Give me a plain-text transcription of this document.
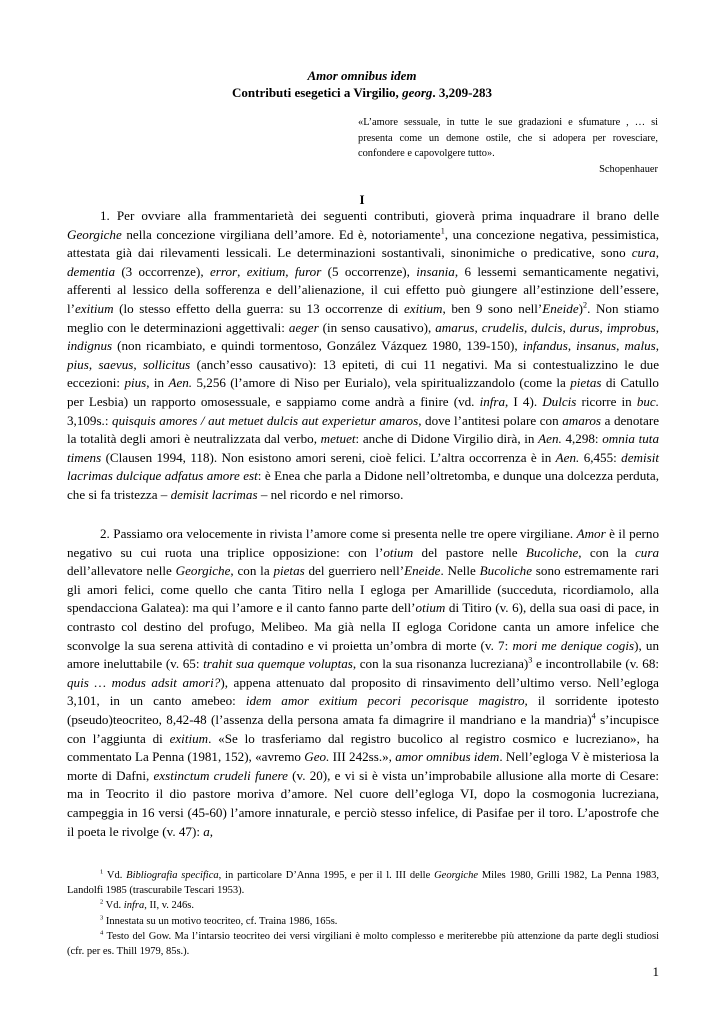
Amor omnibus idem
Contributi esegetici a Virgilio, georg. 3,209-283
«L’amore sessuale, in tutte le sue gradazioni e sfumature , … si presenta come un demone ostile, che si adopera per rovesciare, confondere e capovolgere tutto».
Schopenhauer
I

1. Per ovviare alla frammentarietà dei seguenti contributi, gioverà prima inquadrare il brano delle Georgiche nella concezione virgiliana dell’amore. Ed è, notoriamente$^1$, una concezione negativa, pessimistica, attestata già dai rilevamenti lessicali. Le determinazioni sostantivali, sinonimiche o predicative, sono cura, dementia (3 occorrenze), error, exitium, furor (5 occorrenze), insania, 6 lessemi semanticamente negativi, afferenti al lessico della sofferenza e dell’alienazione, il cui effetto può giungere all’estinzione dell’essere, l’exitium (lo stesso effetto della guerra: su 13 occorrenze di exitium, ben 9 sono nell’Eneide)$^2$. Non stiamo meglio con le determinazioni aggettivali: aeger (in senso causativo), amarus, crudelis, dulcis, durus, improbus, indignus (non ricambiato, e quindi tormentoso, González Vázquez 1980, 139-150), infandus, insanus, malus, pius, saevus, sollicitus (anch’esso causativo): 13 epiteti, di cui 11 negativi. Ma si contestualizzino le due eccezioni: pius, in Aen. 5,256 (l’amore di Niso per Eurialo), vela spiritualizzandolo (come la pietas di Catullo per Lesbia) un rapporto omosessuale, e sappiamo come andrà a finire (vd. infra, I 4). Dulcis ricorre in buc. 3,109s.: quisquis amores / aut metuet dulcis aut experietur amaros, dove l’antitesi polare con amaros a denotare la totalità degli amori è neutralizzata dal verbo, metuet: anche di Didone Virgilio dirà, in Aen. 4,298: omnia tuta timens (Clausen 1994, 118). Non esistono amori sereni, cioè felici. L’altra occorrenza è in Aen. 6,455: demisit lacrimas dulcique adfatus amore est: è Enea che parla a Didone nell’oltretomba, e dunque una dolcezza perduta, che si fa tristezza – demisit lacrimas – nel ricordo e nel rimorso.

2. Passiamo ora velocemente in rivista l’amore come si presenta nelle tre opere virgiliane. Amor è il perno negativo su cui ruota una triplice opposizione: con l’otium del pastore nelle Bucoliche, con la cura dell’allevatore nelle Georgiche, con la pietas del guerriero nell’Eneide. Nelle Bucoliche sono estremamente rari gli amori felici, come quello che canta Titiro nella I egloga per Amarillide (succeduta, ricordiamolo, alla spendacciona Galatea): ma qui l’amore e il canto fanno parte dell’otium di Titiro (v. 6), della sua oasi di pace, in contrasto col destino del profugo, Melibeo. Ma già nella II egloga Coridone canta un amore infelice che sconvolge la sua serena attività di contadino e vi proietta un’ombra di morte (v. 7: mori me denique cogis), un amore ineluttabile (v. 65: trahit sua quemque voluptas, con la sua risonanza lucreziana)$^3$ e incontrollabile (v. 68: quis … modus adsit amori?), appena attenuato dal proposito di rinsavimento dell’ultimo verso. Nell’egloga 3,101, in un canto amebeo: idem amor exitium pecori pecorisque magistro, il sorridente ipotesto (pseudo)teocriteo, 8,42-48 (l’assenza della persona amata fa dimagrire il mandriano e la mandria)$^4$ s’incupisce con l’aggiunta di exitium. «Se lo trasferiamo dal registro bucolico al registro cosmico e lucreziano», ha commentato La Penna (1981, 152), «avremo Geo. III 242ss.», amor omnibus idem. Nell’egloga V è misteriosa la morte di Dafni, exstinctum crudeli funere (v. 20), e vi si è vista un’improbabile allusione alla morte di Cesare: ma in Teocrito il dio pastore moriva d’amore. Nel cuore dell’egloga VI, dopo la cosmogonia lucreziana, campeggia in 16 versi (45-60) l’amore innaturale, e perciò stesso infelice, di Pasifae per il toro. L’apostrofe che il poeta le rivolge (v. 47): a,

$^1$ Vd. Bibliografia specifica, in particolare D’Anna 1995, e per il l. III delle Georgiche Miles 1980, Grilli 1982, La Penna 1983, Landolfi 1985 (trascurabile Tescari 1953).

$^2$ Vd. infra, II, v. 246s.

$^3$ Innestata su un motivo teocriteo, cf. Traina 1986, 165s.

$^4$ Testo del Gow. Ma l’intarsio teocriteo dei versi virgiliani è molto complesso e meriterebbe più attenzione da parte degli studiosi (cfr. per es. Thill 1979, 85s.).

1
